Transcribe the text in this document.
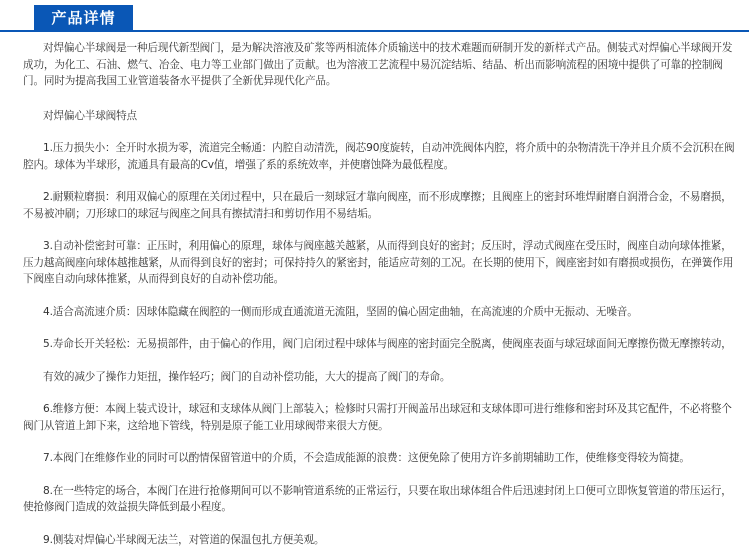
产品详情

对焊偏心半球阀是一种后现代新型阀门，是为解决溶液及矿浆等两相流体介质输送中的技术难题而研制开发的新样式产品。侧装式对焊偏心半球阀开发成功，为化工、石油、燃气、冶金、电力等工业部门做出了贡献。也为溶液工艺流程中易沉淀结垢、结晶、析出而影响流程的困境中提供了可靠的控制阀门。同时为提高我国工业管道装备水平提供了全新优异现代化产品。

对焊偏心半球阀特点

1.压力损失小：全开时水损为零，流道完全畅通：内腔自动清洗，阀芯90度旋转，自动冲洗阀体内腔，将介质中的杂物清洗干净并且介质不会沉积在阀腔内。球体为半球形，流通具有最高的Cv值，增强了系的系统效率，并使磨蚀降为最低程度。

2.耐颗粒磨损：利用双偏心的原理在关闭过程中，只在最后一刻球冠才靠向阀座，而不形成摩擦；且阀座上的密封环堆焊耐磨自润滑合金，不易磨损，不易被冲刷；刀形球口的球冠与阀座之间具有擦拭清扫和剪切作用不易结垢。

3.自动补偿密封可靠：正压时，利用偏心的原理，球体与阀座越关越紧，从而得到良好的密封；反压时，浮动式阀座在受压时，阀座自动向球体推紧，压力越高阀座向球体越推越紧，从而得到良好的密封；可保持持久的紧密封，能适应苛刻的工况。在长期的使用下，阀座密封如有磨损或损伤，在弹簧作用下阀座自动向球体推紧，从而得到良好的自动补偿功能。

4.适合高流速介质：因球体隐藏在阀腔的一侧而形成直通流道无流阻，坚固的偏心固定曲轴，在高流速的介质中无振动、无噪音。

5.寿命长开关轻松：无易损部件，由于偏心的作用，阀门启闭过程中球体与阀座的密封面完全脱离，使阀座表面与球冠球面间无摩擦伤微无摩擦转动，

有效的减少了操作力矩扭，操作轻巧；阀门的自动补偿功能，大大的提高了阀门的寿命。

6.维修方便：本阀上装式设计，球冠和支球体从阀门上部装入；检修时只需打开阀盖吊出球冠和支球体即可进行维修和密封环及其它配件，不必将整个阀门从管道上卸下来，这给地下管线，特别是原子能工业用球阀带来很大方便。

7.本阀门在维修作业的同时可以酌情保留管道中的介质，不会造成能源的浪费：这便免除了使用方许多前期辅助工作，使维修变得较为简捷。

8.在一些特定的场合，本阀门在进行抢修期间可以不影响管道系统的正常运行，只要在取出球体组合件后迅速封闭上口便可立即恢复管道的带压运行，使抢修阀门造成的效益损失降低到最小程度。

9.侧装对焊偏心半球阀无法兰，对管道的保温包扎方便美观。
